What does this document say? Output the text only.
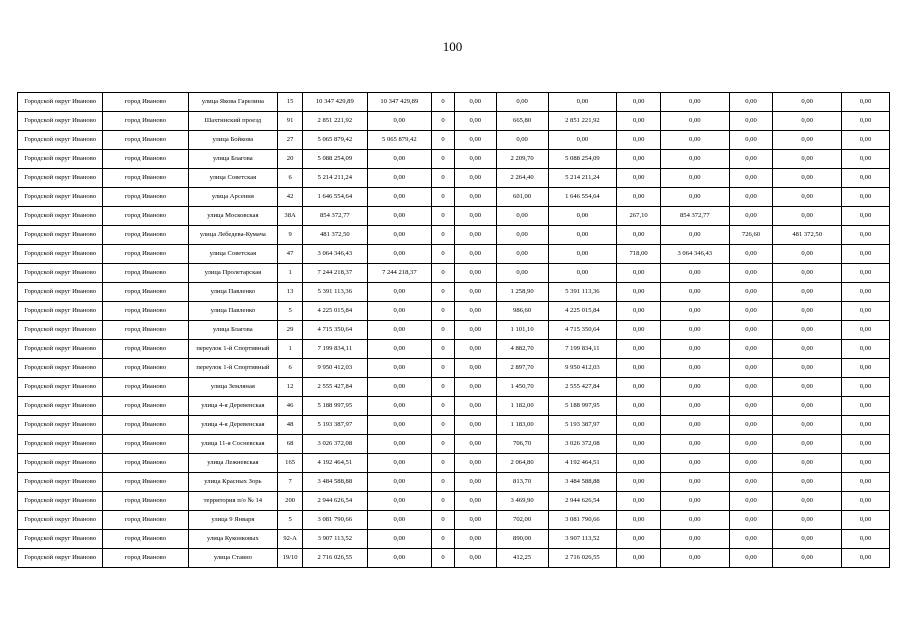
100
Городской округ Иваново	город Иваново	улица Якова Гарелина	15	10 347 429,89	10 347 429,89	0	0,00	0,00	0,00	0,00	0,00	0,00	0,00	0,00
Городской округ Иваново	город Иваново	Шахтинский проезд	91	2 851 221,92	0,00	0	0,00	665,80	2 851 221,92	0,00	0,00	0,00	0,00	0,00
Городской округ Иваново	город Иваново	улица Бойкова	27	5 065 879,42	5 065 879,42	0	0,00	0,00	0,00	0,00	0,00	0,00	0,00	0,00
Городской округ Иваново	город Иваново	улица Благова	20	5 088 254,09	0,00	0	0,00	2 209,70	5 088 254,09	0,00	0,00	0,00	0,00	0,00
Городской округ Иваново	город Иваново	улица Советская	6	5 214 211,24	0,00	0	0,00	2 264,40	5 214 211,24	0,00	0,00	0,00	0,00	0,00
Городской округ Иваново	город Иваново	улица Арсения	42	1 646 554,64	0,00	0	0,00	601,00	1 646 554,64	0,00	0,00	0,00	0,00	0,00
Городской округ Иваново	город Иваново	улица Московская	38А	854 372,77	0,00	0	0,00	0,00	0,00	267,10	854 372,77	0,00	0,00	0,00
Городской округ Иваново	город Иваново	улица Лебедева-Кумача	9	481 372,50	0,00	0	0,00	0,00	0,00	0,00	0,00	726,60	481 372,50	0,00
Городской округ Иваново	город Иваново	улица Советская	47	3 064 346,43	0,00	0	0,00	0,00	0,00	718,00	3 064 346,43	0,00	0,00	0,00
Городской округ Иваново	город Иваново	улица Пролетарская	1	7 244 218,37	7 244 218,37	0	0,00	0,00	0,00	0,00	0,00	0,00	0,00	0,00
Городской округ Иваново	город Иваново	улица Павленко	13	5 391 113,36	0,00	0	0,00	1 258,90	5 391 113,36	0,00	0,00	0,00	0,00	0,00
Городской округ Иваново	город Иваново	улица Павленко	5	4 225 015,84	0,00	0	0,00	986,60	4 225 015,84	0,00	0,00	0,00	0,00	0,00
Городской округ Иваново	город Иваново	улица Благова	29	4 715 350,64	0,00	0	0,00	1 101,10	4 715 350,64	0,00	0,00	0,00	0,00	0,00
Городской округ Иваново	город Иваново	переулок 1-й Спортивный	1	7 199 834,11	0,00	0	0,00	4 882,70	7 199 834,11	0,00	0,00	0,00	0,00	0,00
Городской округ Иваново	город Иваново	переулок 1-й Спортивный	6	9 950 412,03	0,00	0	0,00	2 897,70	9 950 412,03	0,00	0,00	0,00	0,00	0,00
Городской округ Иваново	город Иваново	улица Земляная	12	2 555 427,84	0,00	0	0,00	1 450,70	2 555 427,84	0,00	0,00	0,00	0,00	0,00
Городской округ Иваново	город Иваново	улица 4-я Деревенская	46	5 188 997,95	0,00	0	0,00	1 182,00	5 188 997,95	0,00	0,00	0,00	0,00	0,00
Городской округ Иваново	город Иваново	улица 4-я Деревенская	48	5 193 387,97	0,00	0	0,00	1 183,00	5 193 387,97	0,00	0,00	0,00	0,00	0,00
Городской округ Иваново	город Иваново	улица 11-я Сосневская	68	3 026 372,08	0,00	0	0,00	706,70	3 026 372,08	0,00	0,00	0,00	0,00	0,00
Городской округ Иваново	город Иваново	улица Лежневская	165	4 192 464,51	0,00	0	0,00	2 064,80	4 192 464,51	0,00	0,00	0,00	0,00	0,00
Городской округ Иваново	город Иваново	улица Красных Зорь	7	3 484 588,88	0,00	0	0,00	813,70	3 484 588,88	0,00	0,00	0,00	0,00	0,00
Городской округ Иваново	город Иваново	территория п/о № 14	200	2 944 626,54	0,00	0	0,00	3 469,90	2 944 626,54	0,00	0,00	0,00	0,00	0,00
Городской округ Иваново	город Иваново	улица 9 Января	5	3 081 790,66	0,00	0	0,00	702,00	3 081 790,66	0,00	0,00	0,00	0,00	0,00
Городской округ Иваново	город Иваново	улица Куконковых	92-А	3 907 113,52	0,00	0	0,00	890,00	3 907 113,52	0,00	0,00	0,00	0,00	0,00
Городской округ Иваново	город Иваново	улица Ставно	19/10	2 716 026,55	0,00	0	0,00	412,25	2 716 026,55	0,00	0,00	0,00	0,00	0,00
